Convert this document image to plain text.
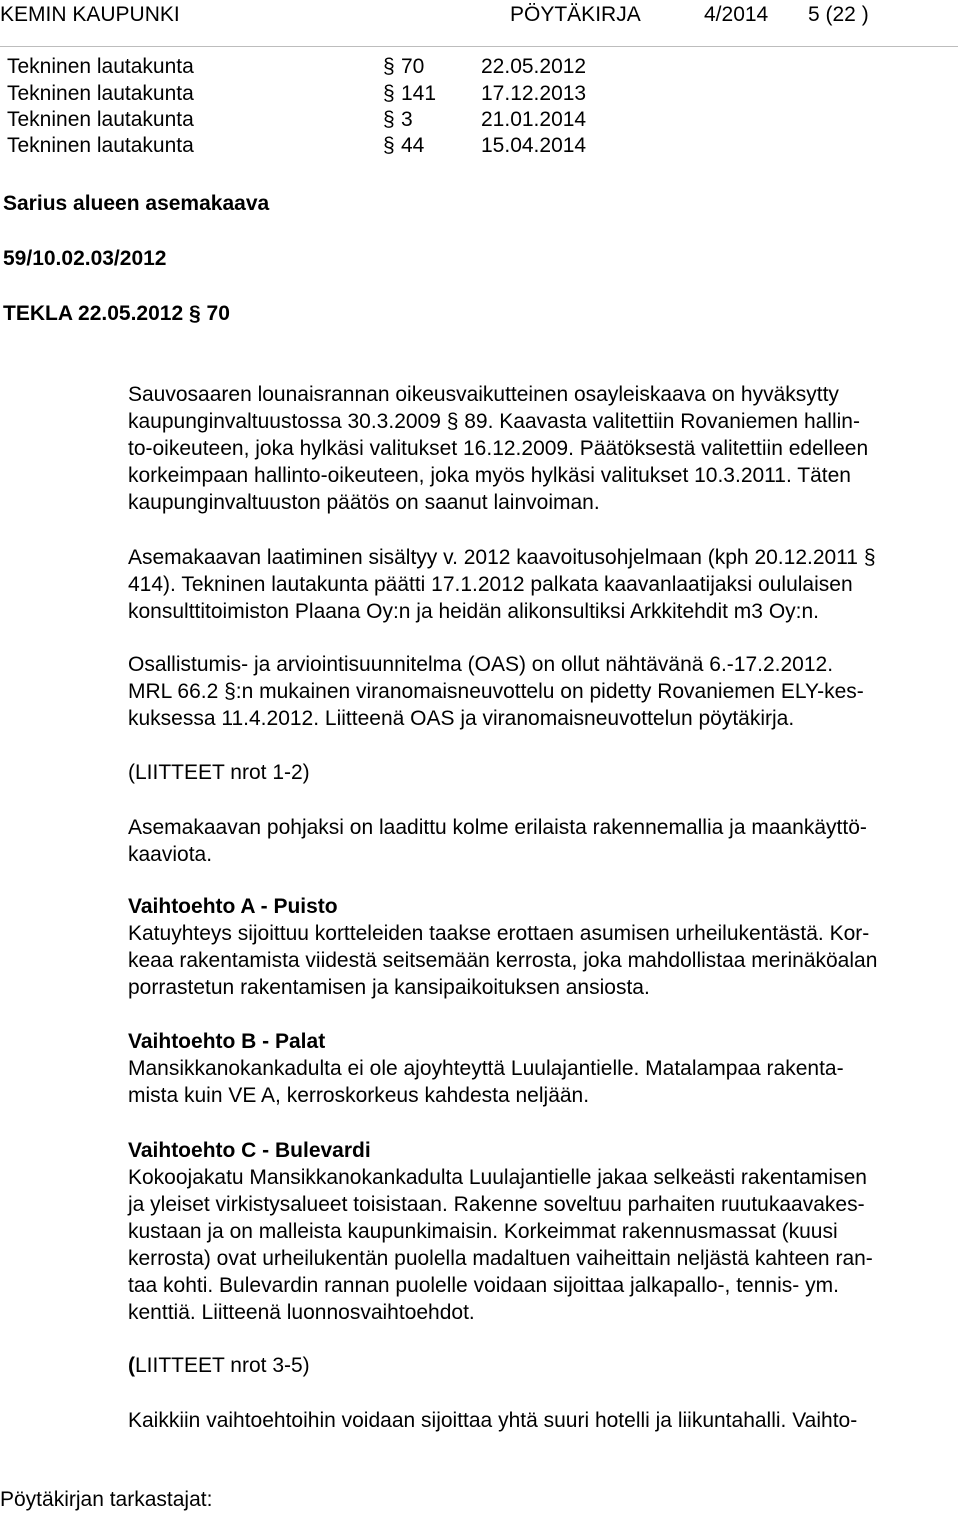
KEMIN KAUPUNKI	PÖYTÄKIRJA	4/2014 5 (22 )
Tekninen lautakunta	§ 70	22.05.2012
Tekninen lautakunta	§ 141 17.12.2013
Tekninen lautakunta	§ 3	21.01.2014
Tekninen lautakunta	§ 44	15.04.2014
Sarius alueen asemakaava
59/10.02.03/2012
TEKLA 22.05.2012 § 70

Sauvosaaren lounaisrannan oikeusvaikutteinen osayleiskaava on hyväksytty

kaupunginvaltuustossa 30.3.2009 § 89. Kaavasta valitettiin Rovaniemen hallin-

to-oikeuteen, joka hylkäsi valitukset 16.12.2009. Päätöksestä valitettiin edelleen

korkeimpaan hallinto-oikeuteen, joka myös hylkäsi valitukset 10.3.2011. Täten

kaupunginvaltuuston päätös on saanut lainvoiman.

Asemakaavan laatiminen sisältyy v. 2012 kaavoitusohjelmaan (kph 20.12.2011 §

414). Tekninen lautakunta päätti 17.1.2012 palkata kaavanlaatijaksi oululaisen

konsulttitoimiston Plaana Oy:n ja heidän alikonsultiksi Arkkitehdit m3 Oy:n.

Osallistumis- ja arviointisuunnitelma (OAS) on ollut nähtävänä 6.-17.2.2012.

MRL 66.2 §:n mukainen viranomaisneuvottelu on pidetty Rovaniemen ELY-kes-

kuksessa 11.4.2012. Liitteenä OAS ja viranomaisneuvottelun pöytäkirja.

(LIITTEET nrot 1-2)

Asemakaavan pohjaksi on laadittu kolme erilaista rakennemallia ja maankäyttö-

kaaviota.

Vaihtoehto A - Puisto

Katuyhteys sijoittuu kortteleiden taakse erottaen asumisen urheilukentästä. Kor-

keaa rakentamista viidestä seitsemään kerrosta, joka mahdollistaa merinäköalan

porrastetun rakentamisen ja kansipaikoituksen ansiosta.

Vaihtoehto B - Palat

Mansikkanokankadulta ei ole ajoyhteyttä Luulajantielle. Matalampaa rakenta-

mista kuin VE A, kerroskorkeus kahdesta neljään.

Vaihtoehto C - Bulevardi

Kokoojakatu Mansikkanokankadulta Luulajantielle jakaa selkeästi rakentamisen

ja yleiset virkistysalueet toisistaan. Rakenne soveltuu parhaiten ruutukaavakes-

kustaan ja on malleista kaupunkimaisin. Korkeimmat rakennusmassat (kuusi

kerrosta) ovat urheilukentän puolella madaltuen vaiheittain neljästä kahteen ran-

taa kohti. Bulevardin rannan puolelle voidaan sijoittaa jalkapallo-, tennis- ym.

kenttiä. Liitteenä luonnosvaihtoehdot.

(LIITTEET nrot 3-5)

Kaikkiin vaihtoehtoihin voidaan sijoittaa yhtä suuri hotelli ja liikuntahalli. Vaihto-

Pöytäkirjan tarkastajat:
